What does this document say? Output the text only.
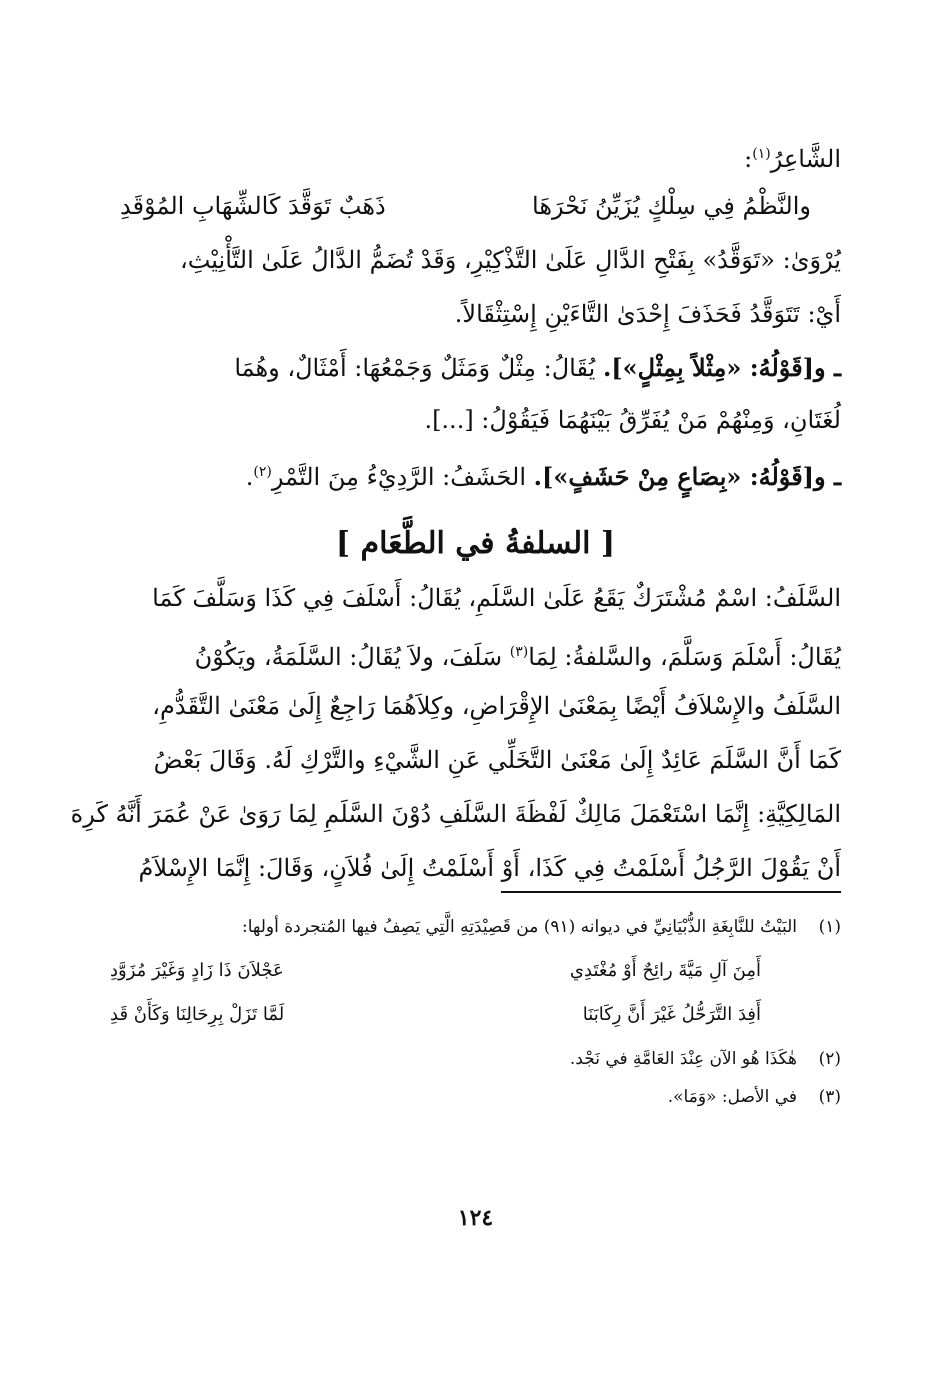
الشَّاعِرُ$^{(١)}$:
والنَّظْمُ فِي سِلْكٍ يُزَيِّنُ نَحْرَهَا
ذَهَبٌ تَوَقَّدَ كَالشِّهَابِ المُوْقَدِ
يُرْوَىٰ: «تَوَقَّدُ» بِفَتْحِ الدَّالِ عَلَىٰ التَّذْكِيْرِ، وَقَدْ تُضَمُّ الدَّالُ عَلَىٰ التَّأْنِيْثِ،
أَيْ: تَتَوَقَّدُ فَحَذَفَ إِحْدَىٰ التَّاءَيْنِ إِسْتِثْقَالاً.
ـ و[قَوْلُهُ: «مِثْلاً بِمِثْلٍ»]. يُقَالُ: مِثْلٌ وَمَثَلٌ وَجَمْعُهَا: أَمْثَالٌ، وهُمَا
لُغَتَانِ، وَمِنْهُمْ مَنْ يُفَرِّقُ بَيْنَهُمَا فَيَقُوْلُ: [...].
ـ و[قَوْلُهُ: «بِصَاعٍ مِنْ حَشَفٍ»]. الحَشَفُ: الرَّدِيْءُ مِنَ التَّمْرِ$^{(٢)}$.
[ السلفةُ في الطَّعَام ]
السَّلَفُ: اسْمٌ مُشْتَرَكٌ يَقَعُ عَلَىٰ السَّلَمِ، يُقَالُ: أَسْلَفَ فِي كَذَا وَسَلَّفَ كَمَا
يُقَالُ: أَسْلَمَ وَسَلَّمَ، والسَّلفةُ: لِمَا$^{(٣)}$ سَلَفَ، ولاَ يُقَالُ: السَّلَمَةُ، ويَكُوْنُ
السَّلَفُ والإِسْلاَفُ أَيْضًا بِمَعْنَىٰ الإِقْرَاضِ، وكِلاَهُمَا رَاجِعٌ إِلَىٰ مَعْنَىٰ التَّقَدُّمِ،
كَمَا أَنَّ السَّلَمَ عَائِدٌ إِلَىٰ مَعْنَىٰ التَّخَلِّي عَنِ الشَّيْءِ والتَّرْكِ لَهُ. وَقَالَ بَعْضُ
المَالِكِيَّةِ: إِنَّمَا اسْتَعْمَلَ مَالِكٌ لَفْظَةَ السَّلَفِ دُوْنَ السَّلَمِ لِمَا رَوَىٰ عَنْ عُمَرَ أَنَّهُ كَرِهَ
أَنْ يَقُوْلَ الرَّجُلُ أَسْلَمْتُ فِي كَذَا، أَوْ أَسْلَمْتُ إِلَىٰ فُلاَنٍ، وَقَالَ: إِنَّمَا الإِسْلاَمُ
(١)البَيْتُ للنَّابِغَةِ الذُّبْيَانِيِّ في ديوانه (٩١) من قَصِيْدَتِهِ الَّتِي يَصِفُ فيها المُتجردة أولها:
أَمِنَ آلِ مَيَّةَ رائِحٌ أَوْ مُغْتَدِي
عَجْلاَنَ ذَا زَادٍ وَغَيْرَ مُزَوَّدِ
أَفِدَ التَّرَحُّلُ غَيْرَ أَنَّ رِكَابَنَا
لَمَّا تَزَلْ بِرِحَالِنَا وَكَأَنْ قَدِ
(٢)هٰكَذَا هُو الآن عِنْدَ العَامَّةِ في نَجْد.
(٣)في الأصل: «وَمَا».
١٢٤
